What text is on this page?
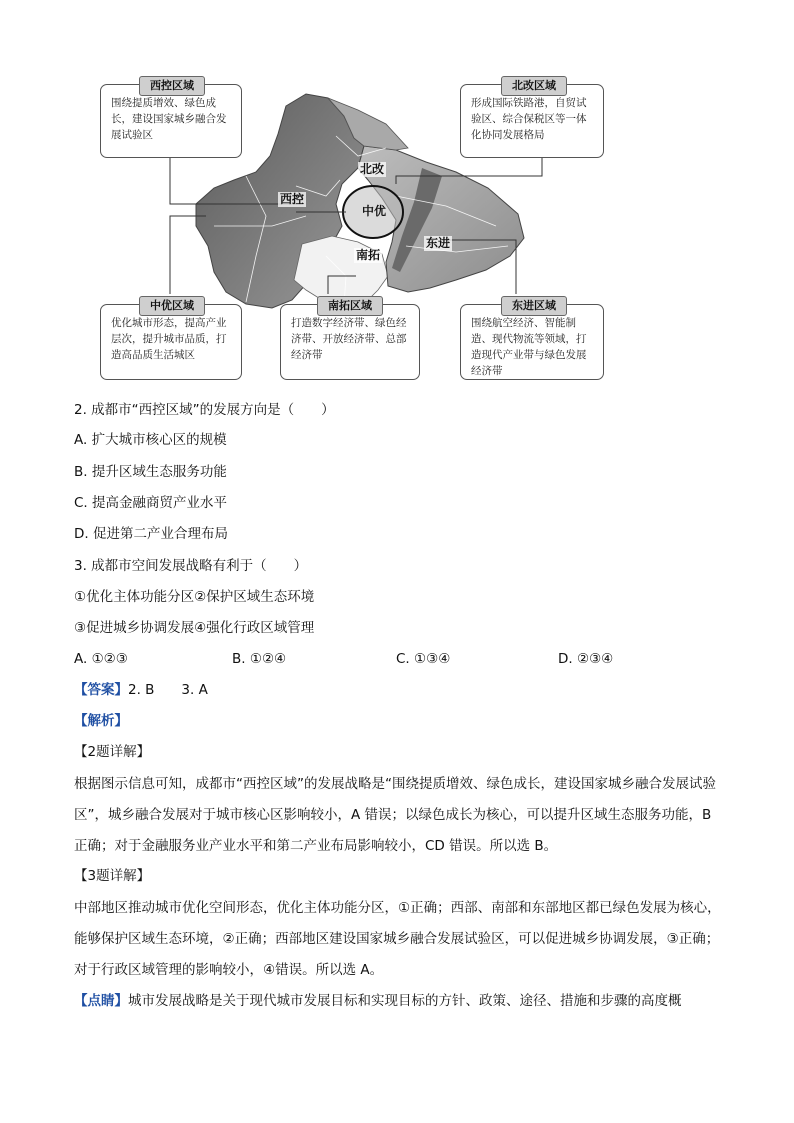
西控
北改
中优
南拓
东进
西控区域
围绕提质增效、绿色成长，建设国家城乡融合发展试验区
北改区域
形成国际铁路港，自贸试验区、综合保税区等一体化协同发展格局
中优区域
优化城市形态，提高产业层次，提升城市品质，打造高品质生活城区
南拓区域
打造数字经济带、绿色经济带、开放经济带、总部经济带
东进区域
围绕航空经济、智能制造、现代物流等领域，打造现代产业带与绿色发展经济带
2. 成都市“西控区域”的发展方向是（　　）
A. 扩大城市核心区的规模
B. 提升区域生态服务功能
C. 提高金融商贸产业水平
D. 促进第二产业合理布局
3. 成都市空间发展战略有利于（　　）
①优化主体功能分区②保护区域生态环境
③促进城乡协调发展④强化行政区域管理
A. ①②③	B. ①②④	C. ①③④	D. ②③④
【答案】2. B　　3. A
【解析】
【2题详解】
根据图示信息可知，成都市“西控区域”的发展战略是“围绕提质增效、绿色成长，建设国家城乡融合发展试验区”，城乡融合发展对于城市核心区影响较小，A 错误；以绿色成长为核心，可以提升区域生态服务功能，B 正确；对于金融服务业产业水平和第二产业布局影响较小，CD 错误。所以选 B。
【3题详解】
中部地区推动城市优化空间形态，优化主体功能分区，①正确；西部、南部和东部地区都已绿色发展为核心，能够保护区域生态环境，②正确；西部地区建设国家城乡融合发展试验区，可以促进城乡协调发展，③正确；对于行政区域管理的影响较小，④错误。所以选 A。
【点睛】城市发展战略是关于现代城市发展目标和实现目标的方针、政策、途径、措施和步骤的高度概
